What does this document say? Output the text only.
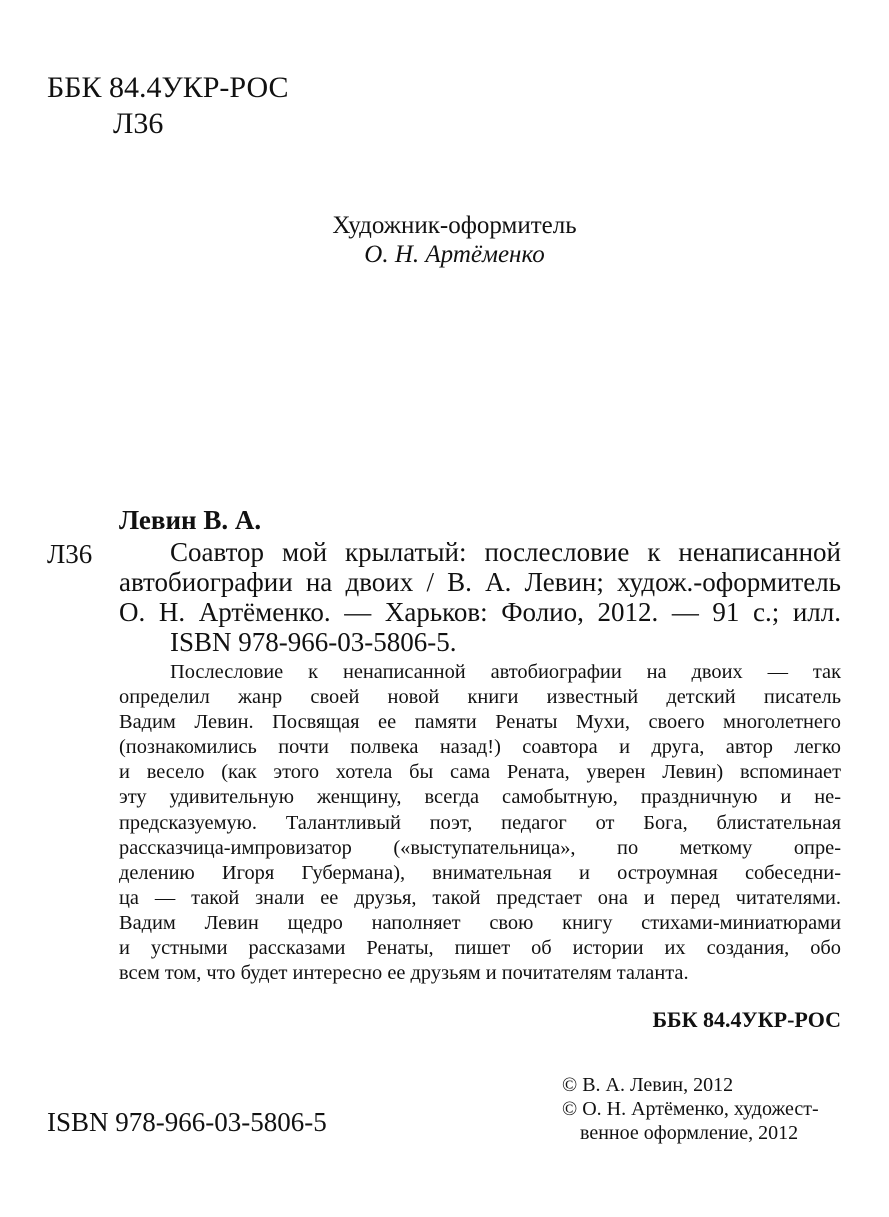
ББК 84.4УКР-РОС
Л36
Художник-оформитель
О. Н. Артёменко
Левин В. А.
Л36	Соавтор мой крылатый: послесловие к ненаписанной
автобиографии на двоих / В. А. Левин; худож.-оформитель
О. Н. Артёменко. — Харьков: Фолио, 2012. — 91 с.; илл.
ISBN 978-966-03-5806-5.
Послесловие к ненаписанной автобиографии на двоих — так
определил жанр своей новой книги известный детский писатель
Вадим Левин. Посвящая ее памяти Ренаты Мухи, своего многолетнего
(познакомились почти полвека назад!) соавтора и друга, автор легко
и весело (как этого хотела бы сама Рената, уверен Левин) вспоминает
эту удивительную женщину, всегда самобытную, праздничную и не-
предсказуемую. Талантливый поэт, педагог от Бога, блистательная
рассказчица-импровизатор («выступательница», по меткому опре-
делению Игоря Губермана), внимательная и остроумная собеседни-
ца — такой знали ее друзья, такой предстает она и перед читателями.
Вадим Левин щедро наполняет свою книгу стихами-миниатюрами
и устными рассказами Ренаты, пишет об истории их создания, обо
всем том, что будет интересно ее друзьям и почитателям таланта.
ББК 84.4УКР-РОС
ISBN 978-966-03-5806-5
© В. А. Левин, 2012
© О. Н. Артёменко, художест-
венное оформление, 2012
